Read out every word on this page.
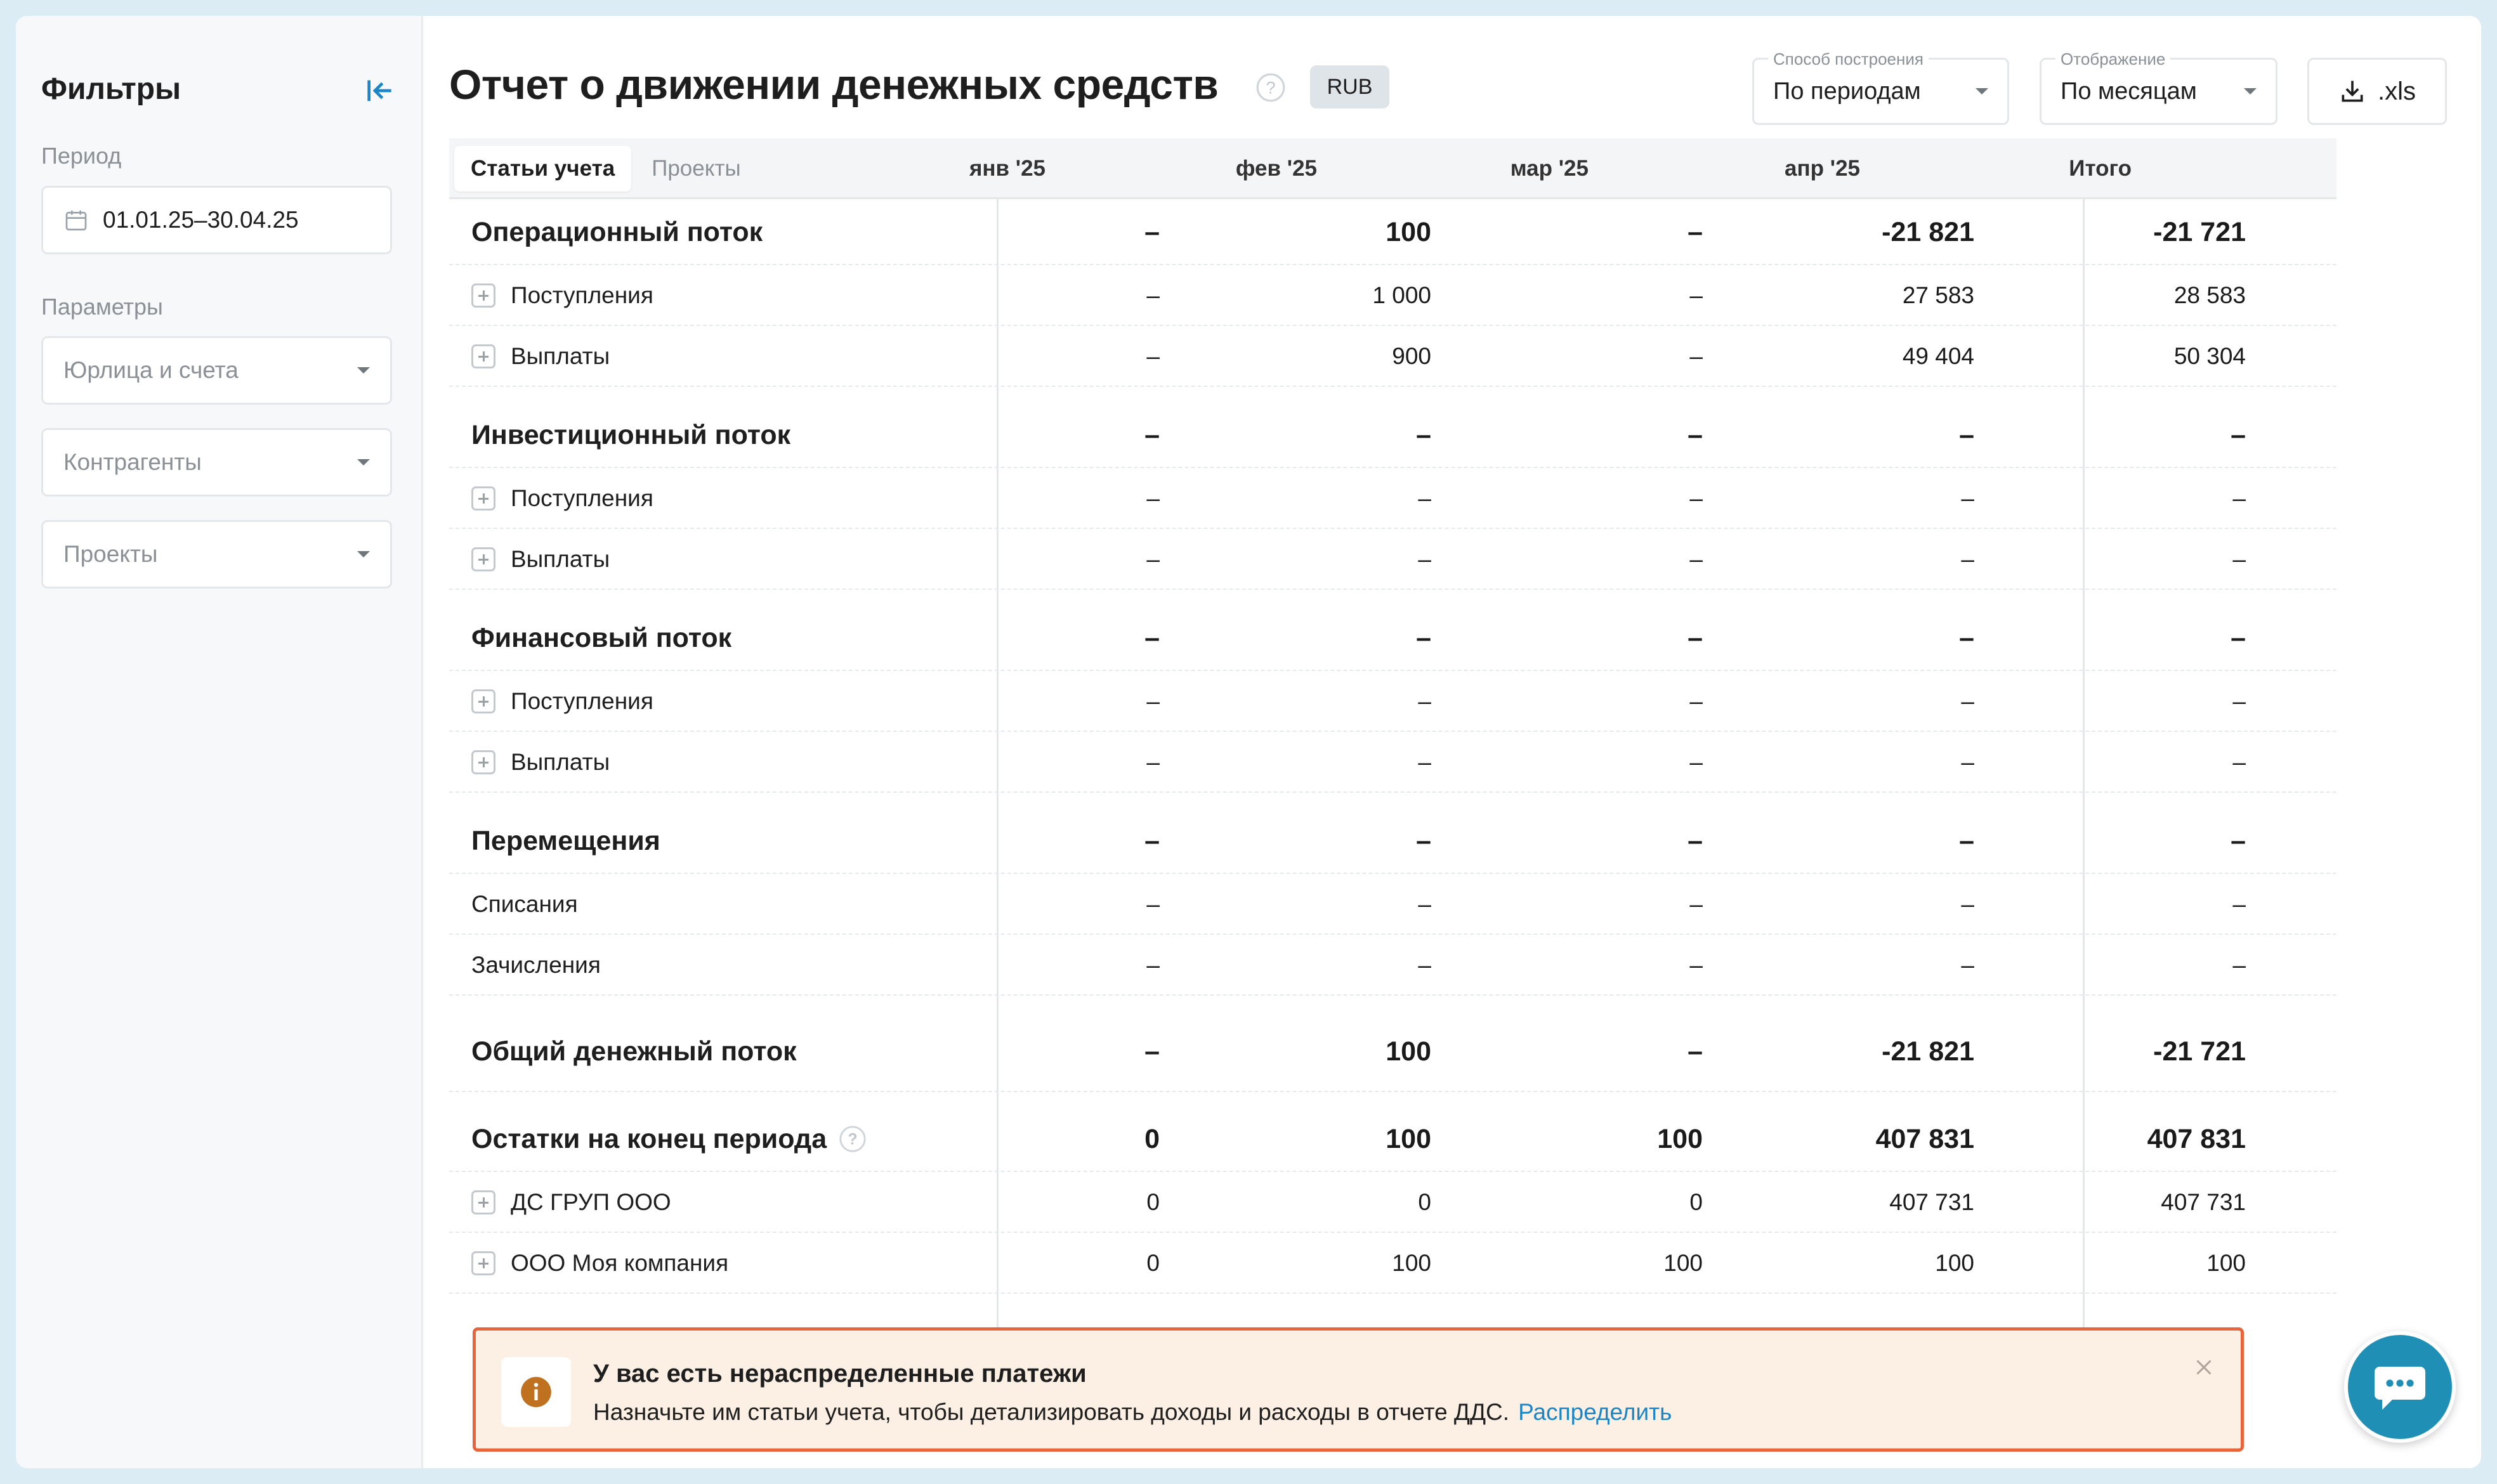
Фильтры
Период
01.01.25–30.04.25
Параметры
Юрлица и счета
Контрагенты
Проекты
Отчет о движении денежных средств	?	RUB
Способ построения
По периодам
Отображение
По месяцам	.xls
Статьи учета	Проекты	янв '25	фев '25	мар '25	апр '25	Итого
Операционный поток	–	100	–	-21 821	-21 721
Поступления	–	1 000	–	27 583	28 583
Выплаты	–	900	–	49 404	50 304
Инвестиционный поток	–	–	–	–	–
Поступления	–	–	–	–	–
Выплаты	–	–	–	–	–
Финансовый поток	–	–	–	–	–
Поступления	–	–	–	–	–
Выплаты	–	–	–	–	–
Перемещения	–	–	–	–	–
Списания	–	–	–	–	–
Зачисления	–	–	–	–	–
Общий денежный поток	–	100	–	-21 821	-21 721
Остатки на конец периода	?	0	100	100	407 831	407 831
ДС ГРУП ООО	0	0	0	407 731	407 731
ООО Моя компания	0	100	100	100	100
У вас есть нераспределенные платежи
Назначьте им статьи учета, чтобы детализировать доходы и расходы в отчете ДДС. Распределить
